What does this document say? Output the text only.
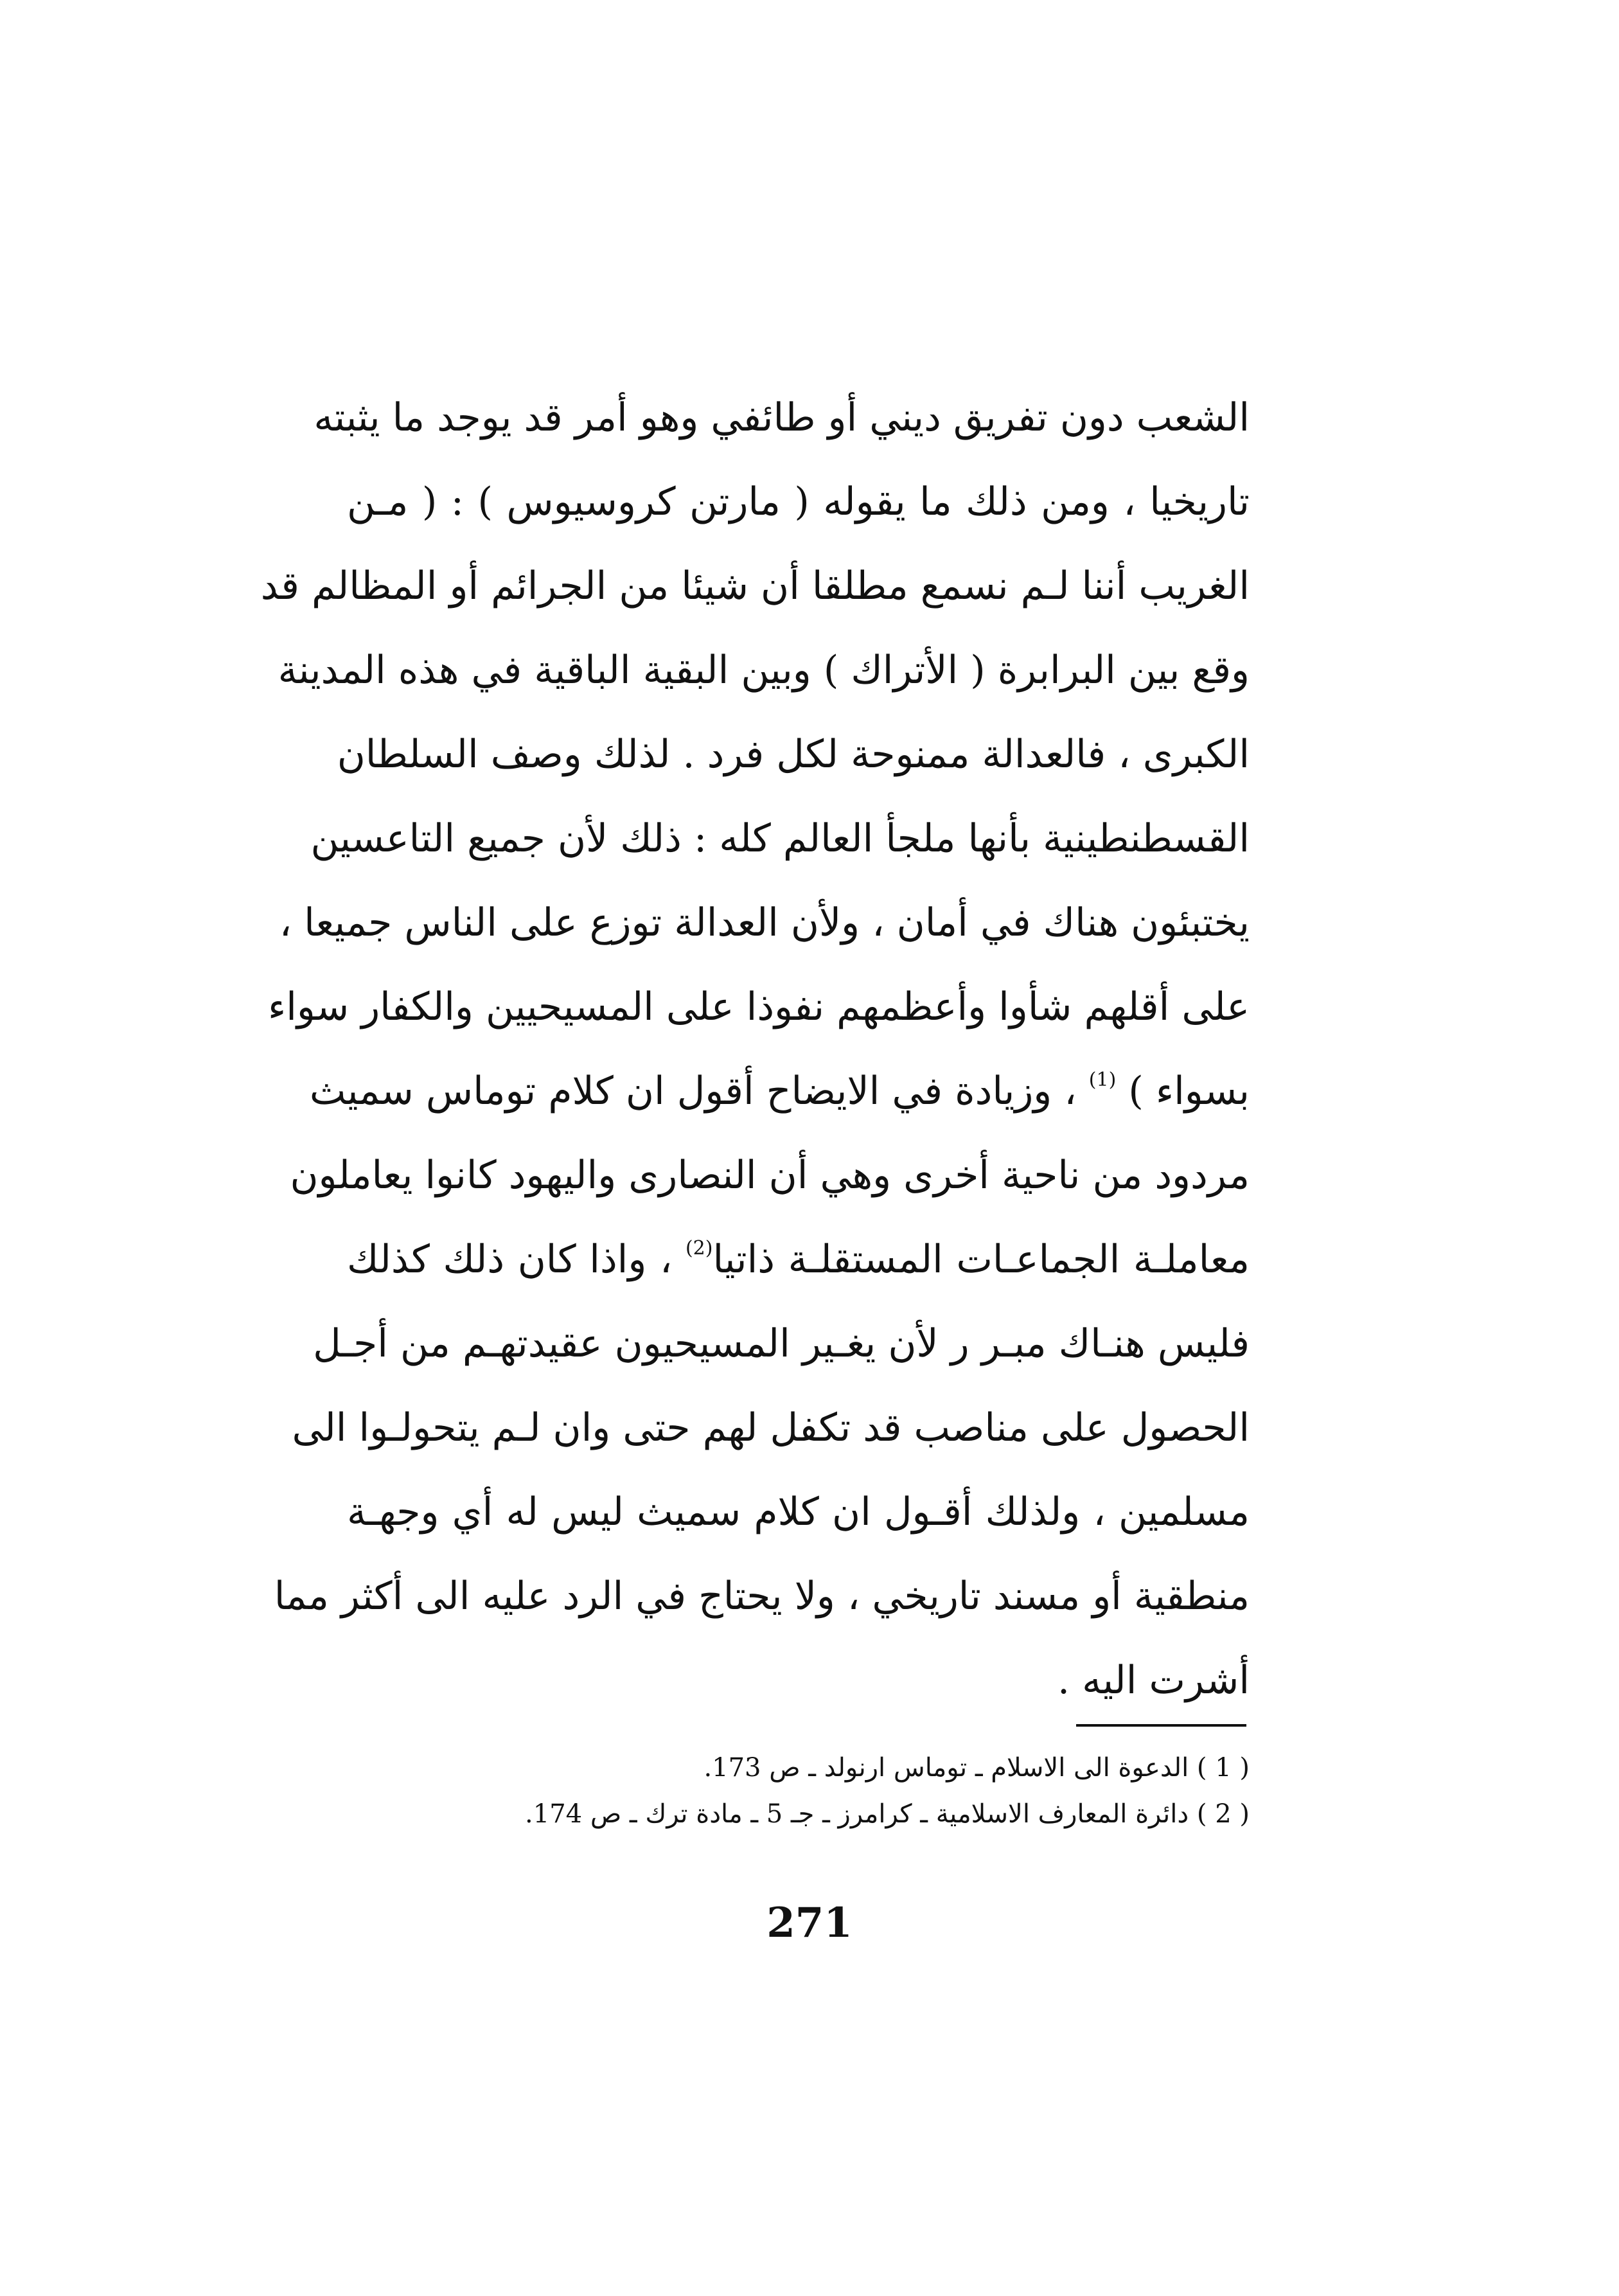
الشعب دون تفريق ديني أو طائفي وهو أمر قد يوجد ما يثبته
تاريخيا ، ومن ذلك ما يقوله ( مارتن كروسيوس ) : ( مـن
الغريب أننا لـم نسمع مطلقا أن شيئا من الجرائم أو المظالم قد
وقع بين البرابرة ( الأتراك ) وبين البقية الباقية في هذه المدينة
الكبرى ، فالعدالة ممنوحة لكل فرد . لذلك وصف السلطان
القسطنطينية بأنها ملجأ العالم كله : ذلك لأن جميع التاعسين
يختبئون هناك في أمان ، ولأن العدالة توزع على الناس جميعا ،
على أقلهم شأوا وأعظمهم نفوذا على المسيحيين والكفار سواء
بسواء ) $^{(1)}$ ، وزيادة في الايضاح أقول ان كلام توماس سميث
مردود من ناحية أخرى وهي أن النصارى واليهود كانوا يعاملون
معاملـة الجماعـات المستقلـة ذاتيا$^{(2)}$ ، واذا كان ذلك كذلك
فليس هنـاك مبـر ر لأن يغـير المسيحيون عقيدتهـم من أجـل
الحصول على مناصب قد تكفل لهم حتى وان لـم يتحولـوا الى
مسلمين ، ولذلك أقـول ان كلام سميث ليس له أي وجهـة
منطقية أو مسند تاريخي ، ولا يحتاج في الرد عليه الى أكثر مما
أشرت اليه .
( 1 ) الدعوة الى الاسلام ـ توماس ارنولد ـ ص 173.
( 2 ) دائرة المعارف الاسلامية ـ كرامرز ـ جـ 5 ـ مادة ترك ـ ص 174.
271
